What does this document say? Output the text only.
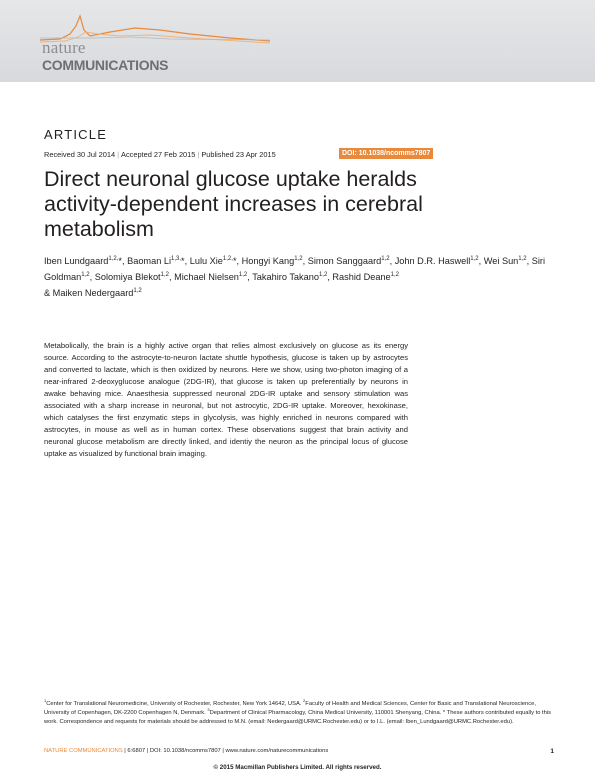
nature
COMMUNICATIONS
ARTICLE
Received 30 Jul 2014 | Accepted 27 Feb 2015 | Published 23 Apr 2015	DOI: 10.1038/ncomms7807
Direct neuronal glucose uptake heralds activity-dependent increases in cerebral metabolism
Iben Lundgaard$^{1,2,}$*, Baoman $Li^{1,3,}*$, Lulu Xie$^{1,2,}$*, Hongyi Kang$^{1,2}$, Simon Sanggaard$^{1,2}$, John D.R. Haswell$^{1,2}$, Wei Sun$^{1,2}$, Siri Goldman$^{1,2}$, Solomiya Blekot$^{1,2}$, Michael Nielsen$^{1,2}$, Takahiro Takano$^{1,2}$, Rashid Deane$^{1,2}$
& Maiken Nedergaard$^{1,2}$

Metabolically, the brain is a highly active organ that relies almost exclusively on glucose as its energy source. According to the astrocyte-to-neuron lactate shuttle hypothesis, glucose is taken up by astrocytes and converted to lactate, which is then oxidized by neurons. Here we show, using two-photon imaging of a near-infrared 2-deoxyglucose analogue (2DG-IR), that glucose is taken up preferentially by neurons in awake behaving mice. Anaesthesia suppressed neuronal 2DG-IR uptake and sensory stimulation was associated with a sharp increase in neuronal, but not astrocytic, 2DG-IR uptake. Moreover, hexokinase, which catalyses the first enzymatic steps in glycolysis, was highly enriched in neurons compared with astrocytes, in mouse as well as in human cortex. These observations suggest that brain activity and neuronal glucose metabolism are directly linked, and identiy the neuron as the principal locus of glucose uptake as visualized by functional brain imaging.

$^1$Center for Translational Neuromedicine, University of Rochester, Rochester, New York 14642, USA. $^2$Faculty of Health and Medical Sciences, Center for Basic and Translational Neuroscience, University of Copenhagen, DK-2200 Copenhagen N, Denmark. $^3$Department of Clinical Pharmacology, China Medical University, 110001 Shenyang, China. * These authors contributed equally to this work. Correspondence and requests for materials should be addressed to M.N. (email: Nedergaard@URMC.Rochester.edu) or to I.L. (email: Iben_Lundgaard@URMC.Rochester.edu).

NATURE COMMUNICATIONS | 6:6807 | DOI: 10.1038/ncomms7807 | www.nature.com/naturecommunications	1
© 2015 Macmillan Publishers Limited. All rights reserved.
